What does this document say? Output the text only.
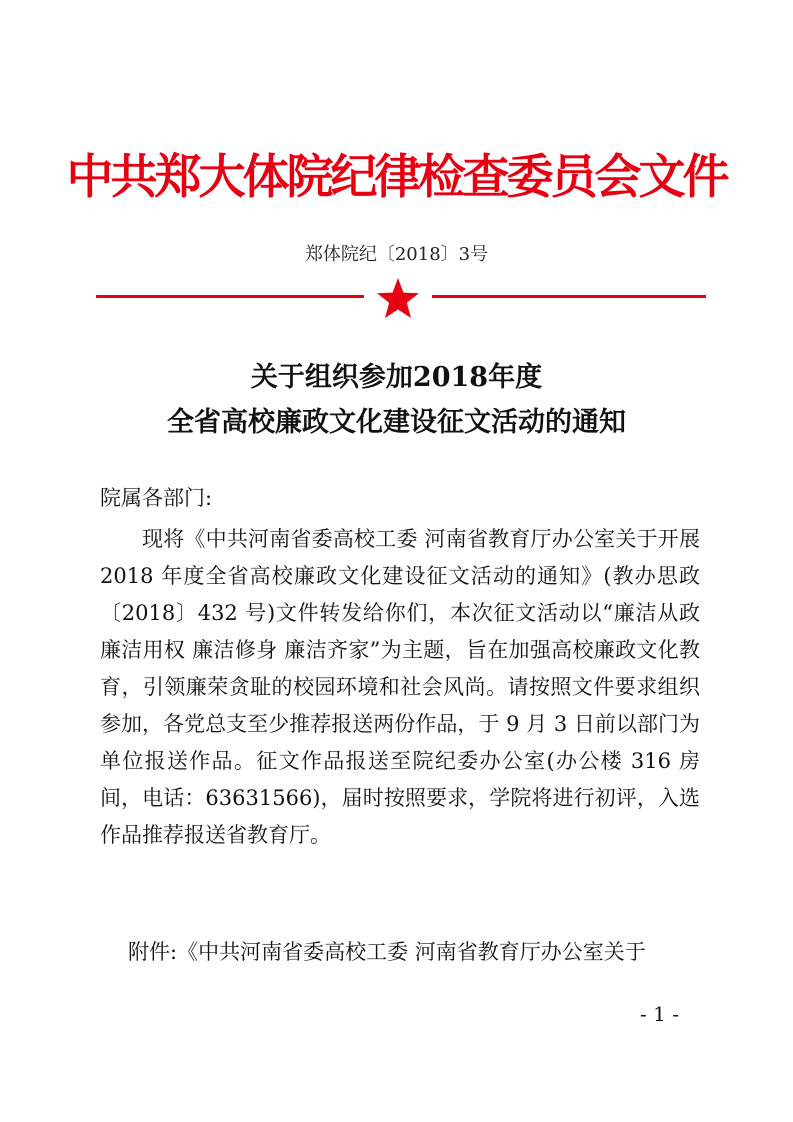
中共郑大体院纪律检查委员会文件
郑体院纪〔2018〕3号
关于组织参加2018年度
全省高校廉政文化建设征文活动的通知
院属各部门:
现将《中共河南省委高校工委 河南省教育厅办公室关于开展 2018 年度全省高校廉政文化建设征文活动的通知》(教办思政〔2018〕432 号)文件转发给你们，本次征文活动以“廉洁从政 廉洁用权 廉洁修身 廉洁齐家”为主题，旨在加强高校廉政文化教育，引领廉荣贪耻的校园环境和社会风尚。请按照文件要求组织参加，各党总支至少推荐报送两份作品，于 9 月 3 日前以部门为单位报送作品。征文作品报送至院纪委办公室(办公楼 316 房间，电话：63631566)，届时按照要求，学院将进行初评，入选作品推荐报送省教育厅。
附件:《中共河南省委高校工委 河南省教育厅办公室关于
- 1 -
